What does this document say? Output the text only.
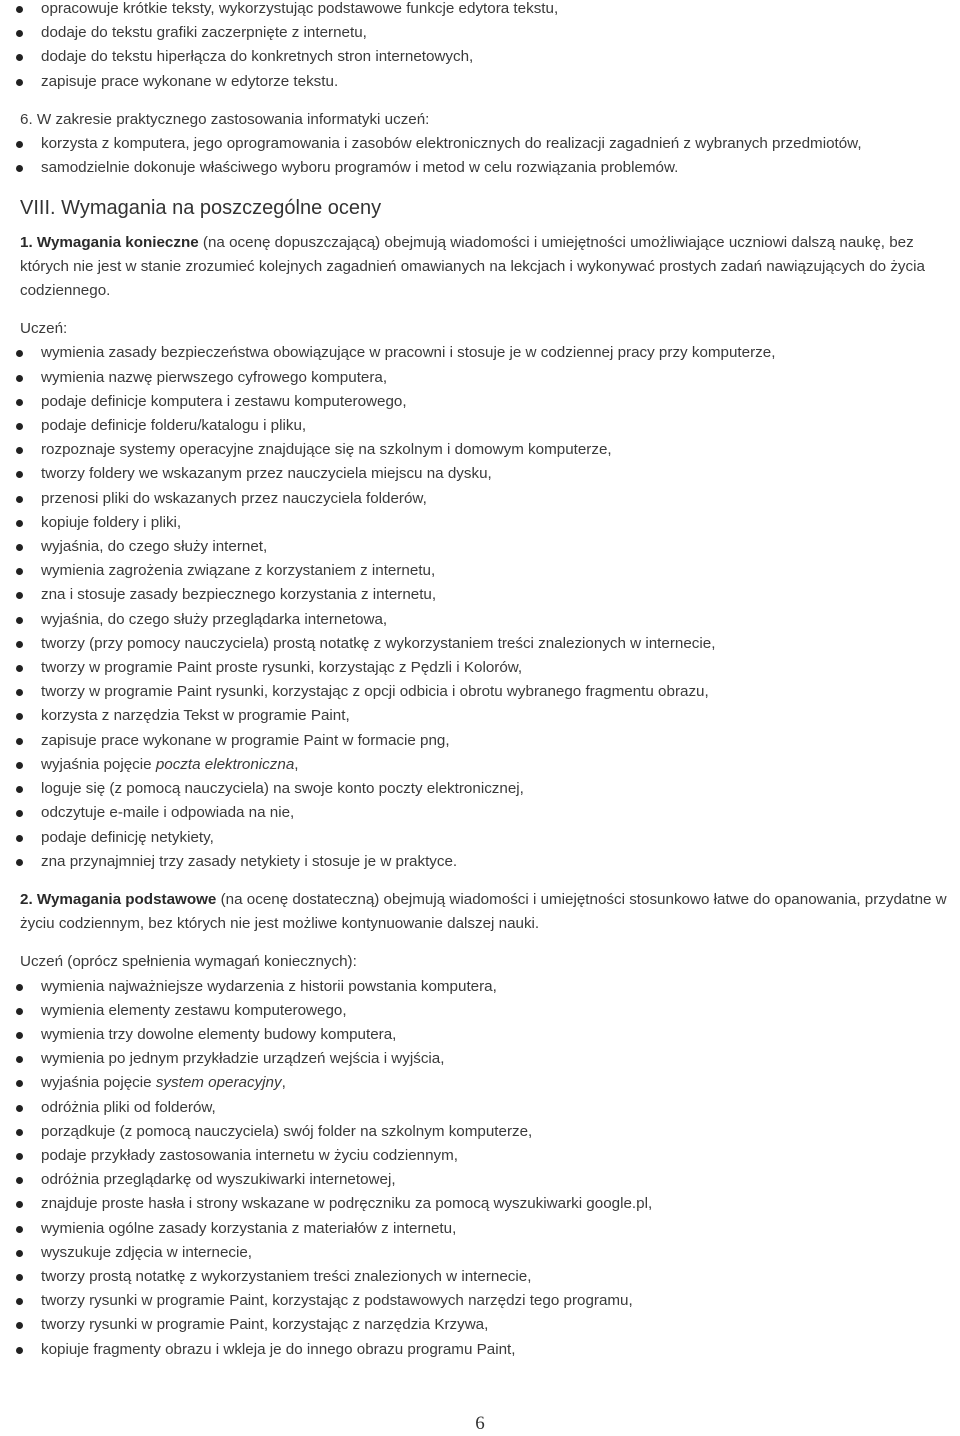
opracowuje krótkie teksty, wykorzystując podstawowe funkcje edytora tekstu,
dodaje do tekstu grafiki zaczerpnięte z internetu,
dodaje do tekstu hiperłącza do konkretnych stron internetowych,
zapisuje prace wykonane w edytorze tekstu.

6. W zakresie praktycznego zastosowania informatyki uczeń:

korzysta z komputera, jego oprogramowania i zasobów elektronicznych do realizacji zagadnień z wybranych przedmiotów,
samodzielnie dokonuje właściwego wyboru programów i metod w celu rozwiązania problemów.

VIII. Wymagania na poszczególne oceny

1. Wymagania konieczne (na ocenę dopuszczającą) obejmują wiadomości i umiejętności umożliwiające uczniowi dalszą naukę, bez których nie jest w stanie zrozumieć kolejnych zagadnień omawianych na lekcjach i wykonywać prostych zadań nawiązujących do życia codziennego.

Uczeń:

wymienia zasady bezpieczeństwa obowiązujące w pracowni i stosuje je w codziennej pracy przy komputerze,
wymienia nazwę pierwszego cyfrowego komputera,
podaje definicje komputera i zestawu komputerowego,
podaje definicje folderu/katalogu i pliku,
rozpoznaje systemy operacyjne znajdujące się na szkolnym i domowym komputerze,
tworzy foldery we wskazanym przez nauczyciela miejscu na dysku,
przenosi pliki do wskazanych przez nauczyciela folderów,
kopiuje foldery i pliki,
wyjaśnia, do czego służy internet,
wymienia zagrożenia związane z korzystaniem z internetu,
zna i stosuje zasady bezpiecznego korzystania z internetu,
wyjaśnia, do czego służy przeglądarka internetowa,
tworzy (przy pomocy nauczyciela) prostą notatkę z wykorzystaniem treści znalezionych w internecie,
tworzy w programie Paint proste rysunki, korzystając z Pędzli i Kolorów,
tworzy w programie Paint rysunki, korzystając z opcji odbicia i obrotu wybranego fragmentu obrazu,
korzysta z narzędzia Tekst w programie Paint,
zapisuje prace wykonane w programie Paint w formacie png,
wyjaśnia pojęcie poczta elektroniczna,
loguje się (z pomocą nauczyciela) na swoje konto poczty elektronicznej,
odczytuje e-maile i odpowiada na nie,
podaje definicję netykiety,
zna przynajmniej trzy zasady netykiety i stosuje je w praktyce.

2. Wymagania podstawowe (na ocenę dostateczną) obejmują wiadomości i umiejętności stosunkowo łatwe do opanowania, przydatne w życiu codziennym, bez których nie jest możliwe kontynuowanie dalszej nauki.

Uczeń (oprócz spełnienia wymagań koniecznych):

wymienia najważniejsze wydarzenia z historii powstania komputera,
wymienia elementy zestawu komputerowego,
wymienia trzy dowolne elementy budowy komputera,
wymienia po jednym przykładzie urządzeń wejścia i wyjścia,
wyjaśnia pojęcie system operacyjny,
odróżnia pliki od folderów,
porządkuje (z pomocą nauczyciela) swój folder na szkolnym komputerze,
podaje przykłady zastosowania internetu w życiu codziennym,
odróżnia przeglądarkę od wyszukiwarki internetowej,
znajduje proste hasła i strony wskazane w podręczniku za pomocą wyszukiwarki google.pl,
wymienia ogólne zasady korzystania z materiałów z internetu,
wyszukuje zdjęcia w internecie,
tworzy prostą notatkę z wykorzystaniem treści znalezionych w internecie,
tworzy rysunki w programie Paint, korzystając z podstawowych narzędzi tego programu,
tworzy rysunki w programie Paint, korzystając z narzędzia Krzywa,
kopiuje fragmenty obrazu i wkleja je do innego obrazu programu Paint,
6
